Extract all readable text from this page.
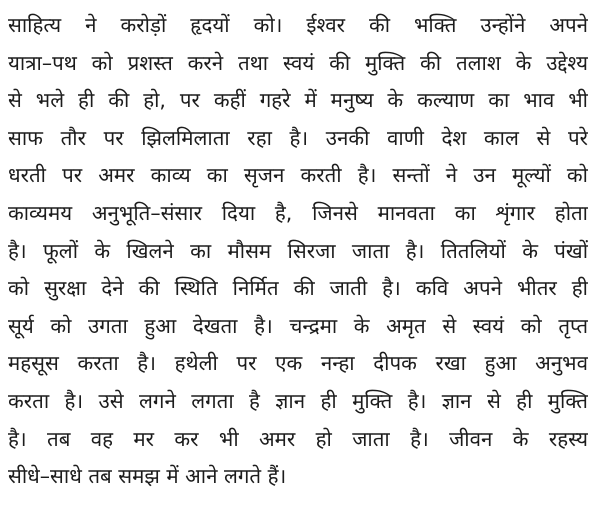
साहित्य ने करोड़ों हृदयों को। ईश्वर की भक्ति उन्होंने अपने
यात्रा–पथ को प्रशस्त करने तथा स्वयं की मुक्ति की तलाश के उद्देश्य
से भले ही की हो, पर कहीं गहरे में मनुष्य के कल्याण का भाव भी
साफ तौर पर झिलमिलाता रहा है। उनकी वाणी देश काल से परे
धरती पर अमर काव्य का सृजन करती है। सन्तों ने उन मूल्यों को
काव्यमय अनुभूति–संसार दिया है, जिनसे मानवता का शृंगार होता
है। फूलों के खिलने का मौसम सिरजा जाता है। तितलियों के पंखों
को सुरक्षा देने की स्थिति निर्मित की जाती है। कवि अपने भीतर ही
सूर्य को उगता हुआ देखता है। चन्द्रमा के अमृत से स्वयं को तृप्त
महसूस करता है। हथेली पर एक नन्हा दीपक रखा हुआ अनुभव
करता है। उसे लगने लगता है ज्ञान ही मुक्ति है। ज्ञान से ही मुक्ति
है। तब वह मर कर भी अमर हो जाता है। जीवन के रहस्य
सीधे–साधे तब समझ में आने लगते हैं।
